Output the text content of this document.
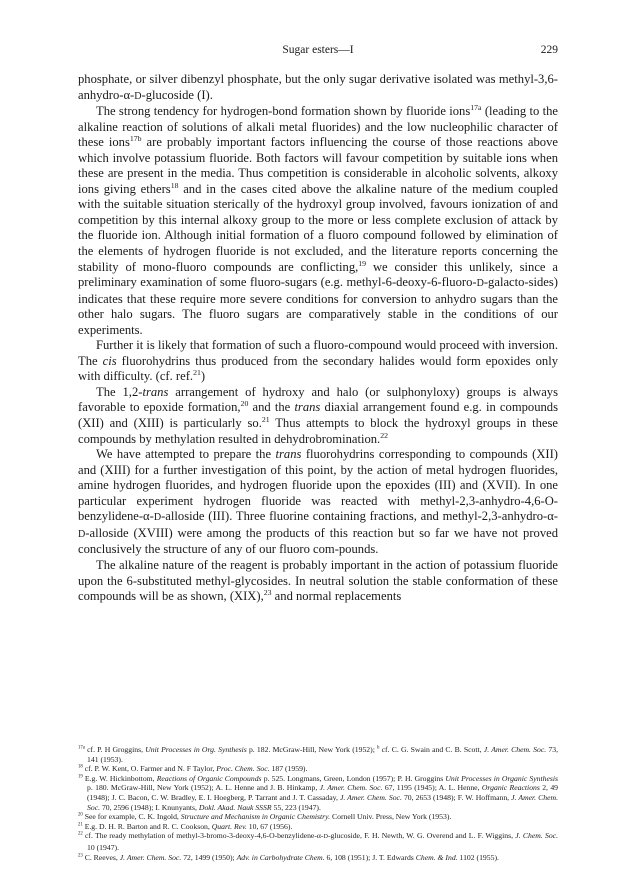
Sugar esters—I	229

phosphate, or silver dibenzyl phosphate, but the only sugar derivative isolated was methyl-3,6-anhydro-α-D-glucoside (I).

The strong tendency for hydrogen-bond formation shown by fluoride ions$^{17a}$ (leading to the alkaline reaction of solutions of alkali metal fluorides) and the low nucleophilic character of these ions$^{17b}$ are probably important factors influencing the course of those reactions above which involve potassium fluoride. Both factors will favour competition by suitable ions when these are present in the media. Thus competition is considerable in alcoholic solvents, alkoxy ions giving ethers$^{18}$ and in the cases cited above the alkaline nature of the medium coupled with the suitable situation sterically of the hydroxyl group involved, favours ionization of and competition by this internal alkoxy group to the more or less complete exclusion of attack by the fluoride ion. Although initial formation of a fluoro compound followed by elimination of the elements of hydrogen fluoride is not excluded, and the literature reports concerning the stability of mono-fluoro compounds are conflicting,$^{19}$ we consider this unlikely, since a preliminary examination of some fluoro-sugars (e.g. methyl-6-deoxy-6-fluoro-D-galacto-sides) indicates that these require more severe conditions for conversion to anhydro sugars than the other halo sugars. The fluoro sugars are comparatively stable in the conditions of our experiments.

Further it is likely that formation of such a fluoro-compound would proceed with inversion. The cis fluorohydrins thus produced from the secondary halides would form epoxides only with difficulty. (cf. ref.$^{21}$)

The 1,2-trans arrangement of hydroxy and halo (or sulphonyloxy) groups is always favorable to epoxide formation,$^{20}$ and the trans diaxial arrangement found e.g. in compounds (XII) and (XIII) is particularly so.$^{21}$ Thus attempts to block the hydroxyl groups in these compounds by methylation resulted in dehydrobromination.$^{22}$

We have attempted to prepare the trans fluorohydrins corresponding to compounds (XII) and (XIII) for a further investigation of this point, by the action of metal hydrogen fluorides, amine hydrogen fluorides, and hydrogen fluoride upon the epoxides (III) and (XVII). In one particular experiment hydrogen fluoride was reacted with methyl-2,3-anhydro-4,6-O-benzylidene-α-D-alloside (III). Three fluorine containing fractions, and methyl-2,3-anhydro-α-D-alloside (XVIII) were among the products of this reaction but so far we have not proved conclusively the structure of any of our fluoro com-pounds.

The alkaline nature of the reagent is probably important in the action of potassium fluoride upon the 6-substituted methyl-glycosides. In neutral solution the stable conformation of these compounds will be as shown, (XIX),$^{23}$ and normal replacements

$^{17a}$ cf. P. H Groggins, Unit Processes in Org. Synthesis p. 182. McGraw-Hill, New York (1952); $^b$ cf. C. G. Swain and C. B. Scott, J. Amer. Chem. Soc. 73, 141 (1953).

$^{18}$ cf. P. W. Kent, O. Farmer and N. F Taylor, Proc. Chem. Soc. 187 (1959).

$^{19}$ E.g. W. Hickinbottom, Reactions of Organic Compounds p. 525. Longmans, Green, London (1957); P. H. Groggins Unit Processes in Organic Synthesis p. 180. McGraw-Hill, New York (1952); A. L. Henne and J. B. Hinkamp, J. Amer. Chem. Soc. 67, 1195 (1945); A. L. Henne, Organic Reactions 2, 49 (1948); J. C. Bacon, C. W. Bradley, E. I. Hoegberg, P. Tarrant and J. T. Cassaday, J. Amer. Chem. Soc. 70, 2653 (1948); F. W. Hoffmann, J. Amer. Chem. Soc. 70, 2596 (1948); I. Knunyants, Dokl. Akad. Nauk SSSR 55, 223 (1947).

$^{20}$ See for example, C. K. Ingold, Structure and Mechanism in Organic Chemistry. Cornell Univ. Press, New York (1953).

$^{21}$ E.g. D. H. R. Barton and R. C. Cookson, Quart. Rev. 10, 67 (1956).

$^{22}$ cf. The ready methylation of methyl-3-bromo-3-deoxy-4,6-O-benzylidene-α-D-glucoside, F. H. Newth, W. G. Overend and L. F. Wiggins, J. Chem. Soc. 10 (1947).

$^{23}$ C. Reeves, J. Amer. Chem. Soc. 72, 1499 (1950); Adv. in Carbohydrate Chem. 6, 108 (1951); J. T. Edwards Chem. & Ind. 1102 (1955).
